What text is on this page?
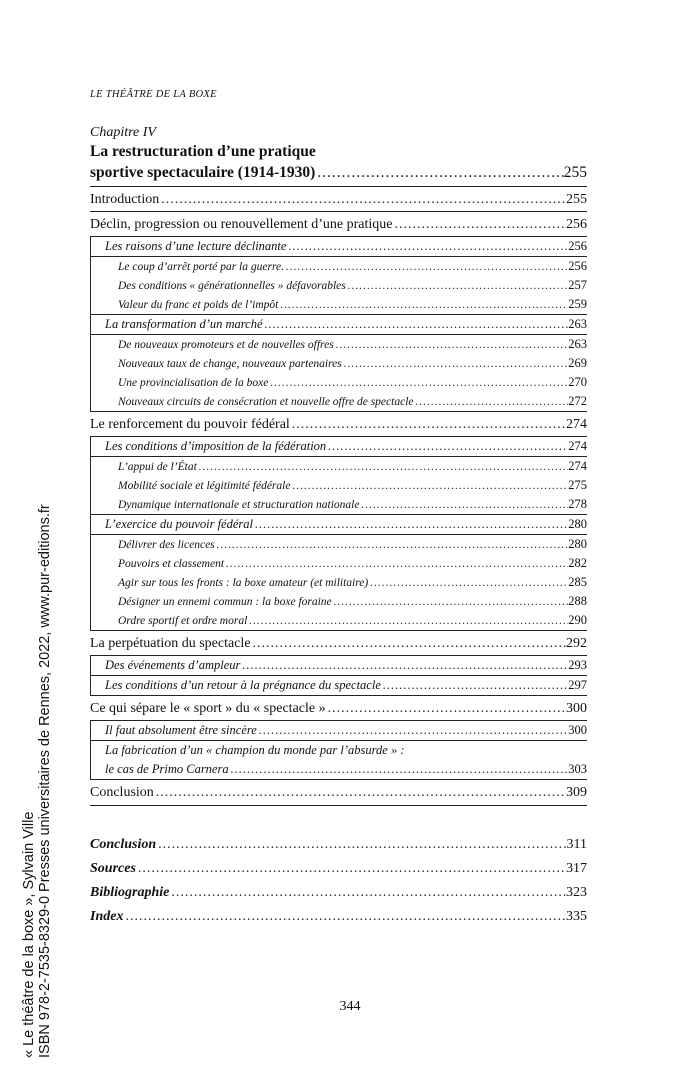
LE THÉÂTRE DE LA BOXE
Chapitre IV
La restructuration d’une pratique
sportive spectaculaire (1914-1930) .....	255
Introduction .....	255
Déclin, progression ou renouvellement d’une pratique .....	256
Les raisons d’une lecture déclinante .....	256
Le coup d’arrêt porté par la guerre. .....	256
Des conditions « générationnelles » défavorables .....	257
Valeur du franc et poids de l’impôt .....	259
La transformation d’un marché .....	263
De nouveaux promoteurs et de nouvelles offres .....	263
Nouveaux taux de change, nouveaux partenaires .....	269
Une provincialisation de la boxe .....	270
Nouveaux circuits de consécration et nouvelle offre de spectacle .....	272
Le renforcement du pouvoir fédéral .....	274
Les conditions d’imposition de la fédération .....	274
L’appui de l’État .....	274
Mobilité sociale et légitimité fédérale .....	275
Dynamique internationale et structuration nationale .....	278
L’exercice du pouvoir fédéral .....	280
Délivrer des licences .....	280
Pouvoirs et classement .....	282
Agir sur tous les fronts : la boxe amateur (et militaire) .....	285
Désigner un ennemi commun : la boxe foraine .....	288
Ordre sportif et ordre moral .....	290
La perpétuation du spectacle .....	292
Des événements d’ampleur .....	293
Les conditions d’un retour à la prégnance du spectacle .....	297
Ce qui sépare le « sport » du « spectacle » .....	300
Il faut absolument être sincère .....	300
La fabrication d’un « champion du monde par l’absurde » :
le cas de Primo Carnera .....	303
Conclusion .....	309
Conclusion .....	311
Sources .....	317
Bibliographie .....	323
Index .....	335
344
« Le théâtre de la boxe », Sylvain Ville ISBN 978-2-7535-8329-0 Presses universitaires de Rennes, 2022, www.pur-editions.fr
